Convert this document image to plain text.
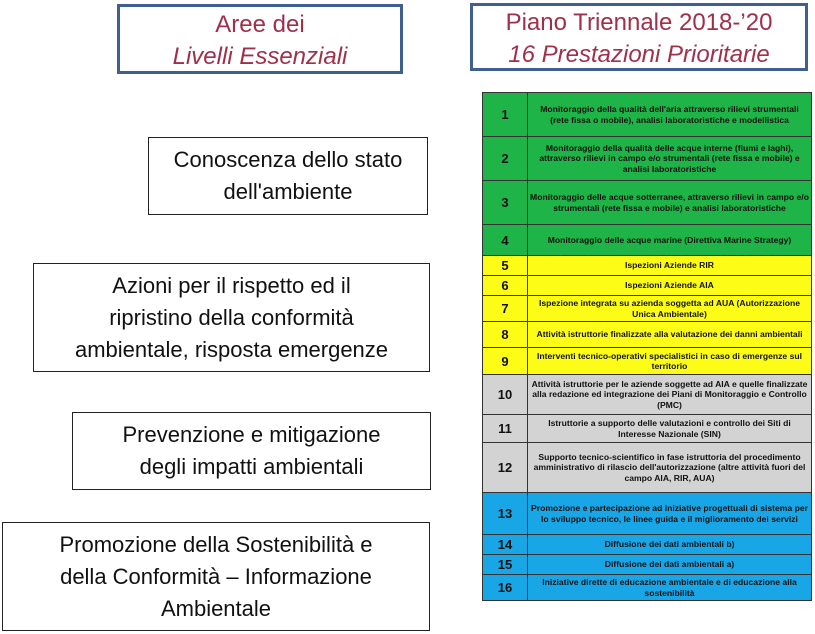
Aree dei
Livelli Essenziali
Piano Triennale 2018-’20
16 Prestazioni Prioritarie
Conoscenza dello stato
dell'ambiente
Azioni per il rispetto ed il
ripristino della conformità
ambientale, risposta emergenze
Prevenzione e mitigazione
degli impatti ambientali
Promozione della Sostenibilità e
della Conformità – Informazione
Ambientale
1	Monitoraggio della qualità dell'aria attraverso rilievi strumentali (rete fissa o mobile), analisi laboratoristiche e modellistica
2	Monitoraggio della qualità delle acque interne (fiumi e laghi), attraverso rilievi in campo e/o strumentali (rete fissa e mobile) e analisi laboratoristiche
3	Monitoraggio delle acque sotterranee, attraverso rilievi in campo e/o strumentali (rete fissa e mobile) e analisi laboratoristiche
4	Monitoraggio delle acque marine (Direttiva Marine Strategy)
5	Ispezioni Aziende RIR
6	Ispezioni Aziende AIA
7	Ispezione integrata su azienda soggetta ad AUA (Autorizzazione Unica Ambientale)
8	Attività istruttorie finalizzate alla valutazione dei danni ambientali
9	Interventi tecnico-operativi specialistici in caso di emergenze sul territorio
10	Attività istruttorie per le aziende soggette ad AIA e quelle finalizzate alla redazione ed integrazione dei Piani di Monitoraggio e Controllo (PMC)
11	Istruttorie a supporto delle valutazioni e controllo dei Siti di Interesse Nazionale (SIN)
12	Supporto tecnico-scientifico in fase istruttoria del procedimento amministrativo di rilascio dell'autorizzazione (altre attività fuori del campo AIA, RIR, AUA)
13	Promozione e partecipazione ad iniziative progettuali di sistema per lo sviluppo tecnico, le linee guida e il miglioramento dei servizi
14	Diffusione dei dati ambientali b)
15	Diffusione dei dati ambientali a)
16	Iniziative dirette di educazione ambientale e di educazione alla sostenibilità
